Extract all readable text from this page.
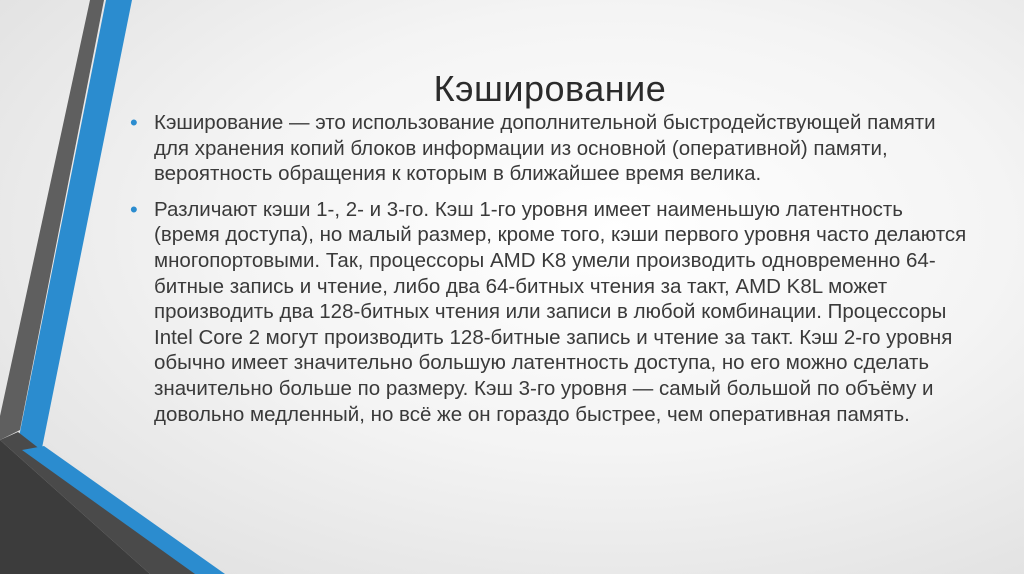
Кэширование
• Кэширование — это использование дополнительной быстродействующей памяти для хранения копий блоков информации из основной (оперативной) памяти, вероятность обращения к которым в ближайшее время велика.
• Различают кэши 1-, 2- и 3-го. Кэш 1-го уровня имеет наименьшую латентность (время доступа), но малый размер, кроме того, кэши первого уровня часто делаются многопортовыми. Так, процессоры AMD K8 умели производить одновременно 64-битные запись и чтение, либо два 64-битных чтения за такт, AMD K8L может производить два 128-битных чтения или записи в любой комбинации. Процессоры Intel Core 2 могут производить 128-битные запись и чтение за такт. Кэш 2-го уровня обычно имеет значительно большую латентность доступа, но его можно сделать значительно больше по размеру. Кэш 3-го уровня — самый большой по объёму и довольно медленный, но всё же он гораздо быстрее, чем оперативная память.
